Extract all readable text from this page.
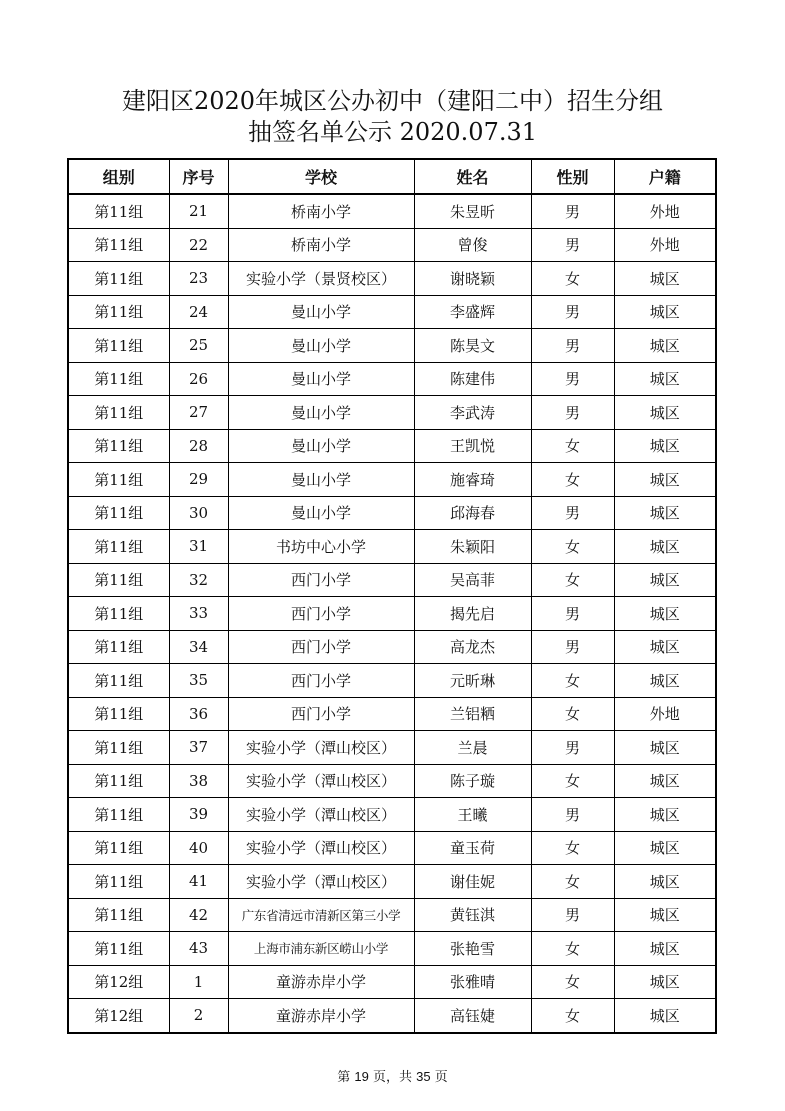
建阳区2020年城区公办初中（建阳二中）招生分组
抽签名单公示 2020.07.31
组别	序号	学校	姓名	性别	户籍
第11组	21	桥南小学	朱昱昕	男	外地
第11组	22	桥南小学	曾俊	男	外地
第11组	23	实验小学（景贤校区）	谢晓颖	女	城区
第11组	24	曼山小学	李盛辉	男	城区
第11组	25	曼山小学	陈昊文	男	城区
第11组	26	曼山小学	陈建伟	男	城区
第11组	27	曼山小学	李武涛	男	城区
第11组	28	曼山小学	王凯悦	女	城区
第11组	29	曼山小学	施睿琦	女	城区
第11组	30	曼山小学	邱海春	男	城区
第11组	31	书坊中心小学	朱颖阳	女	城区
第11组	32	西门小学	吴高菲	女	城区
第11组	33	西门小学	揭先启	男	城区
第11组	34	西门小学	高龙杰	男	城区
第11组	35	西门小学	元昕琳	女	城区
第11组	36	西门小学	兰铝粞	女	外地
第11组	37	实验小学（潭山校区）	兰晨	男	城区
第11组	38	实验小学（潭山校区）	陈子璇	女	城区
第11组	39	实验小学（潭山校区）	王曦	男	城区
第11组	40	实验小学（潭山校区）	童玉荷	女	城区
第11组	41	实验小学（潭山校区）	谢佳妮	女	城区
第11组	42	广东省清远市清新区第三小学	黄钰淇	男	城区
第11组	43	上海市浦东新区崂山小学	张艳雪	女	城区
第12组	1	童游赤岸小学	张雅晴	女	城区
第12组	2	童游赤岸小学	高钰婕	女	城区
第 19 页，共 35 页
